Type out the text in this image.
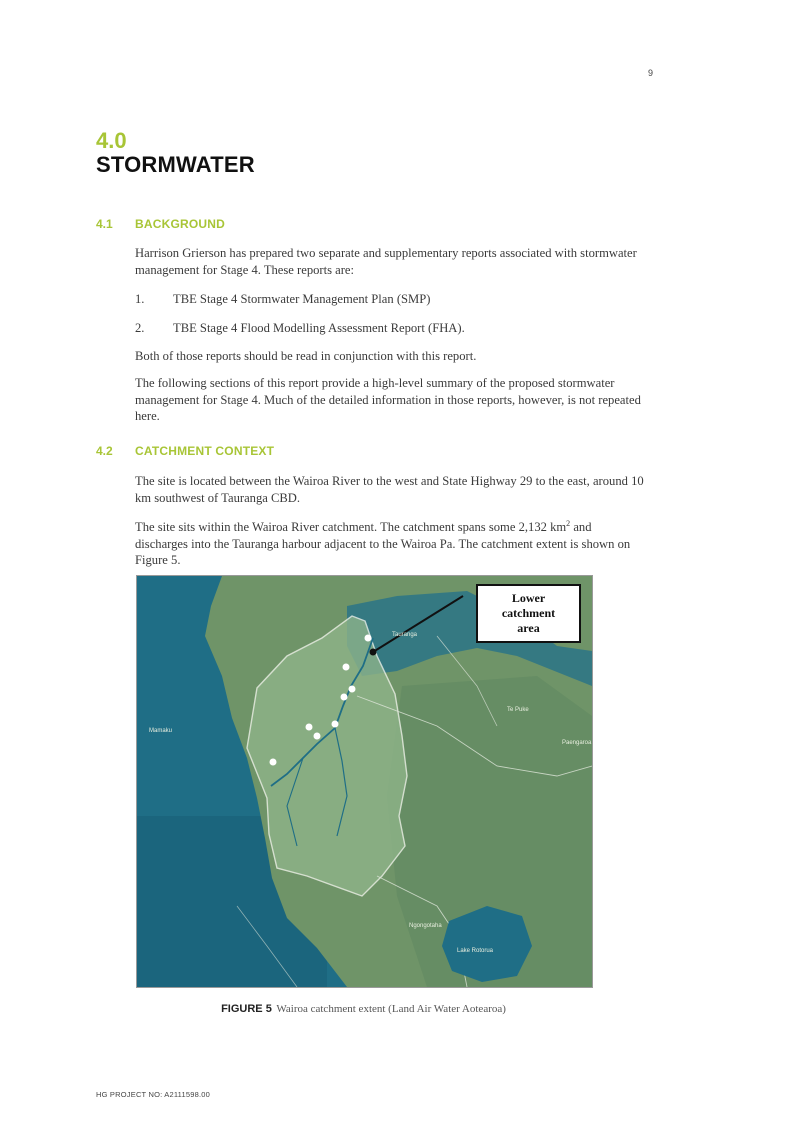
9
4.0
STORMWATER
4.1 BACKGROUND

Harrison Grierson has prepared two separate and supplementary reports associated with stormwater management for Stage 4. These reports are:

1. TBE Stage 4 Stormwater Management Plan (SMP)
2. TBE Stage 4 Flood Modelling Assessment Report (FHA).

Both of those reports should be read in conjunction with this report.

The following sections of this report provide a high-level summary of the proposed stormwater management for Stage 4. Much of the detailed information in those reports, however, is not repeated here.

4.2 CATCHMENT CONTEXT

The site is located between the Wairoa River to the west and State Highway 29 to the east, around 10 km southwest of Tauranga CBD.

The site sits within the Wairoa River catchment. The catchment spans some 2,132 $km^2$ and discharges into the Tauranga harbour adjacent to the Wairoa Pa. The catchment extent is shown on Figure 5.

Tauranga
Te Puke
Paengaroa
Mamaku
Ngongotaha
Lake Rotorua
Lower catchment area
FIGURE 5 Wairoa catchment extent (Land Air Water Aotearoa)
HG PROJECT NO: A2111598.00
